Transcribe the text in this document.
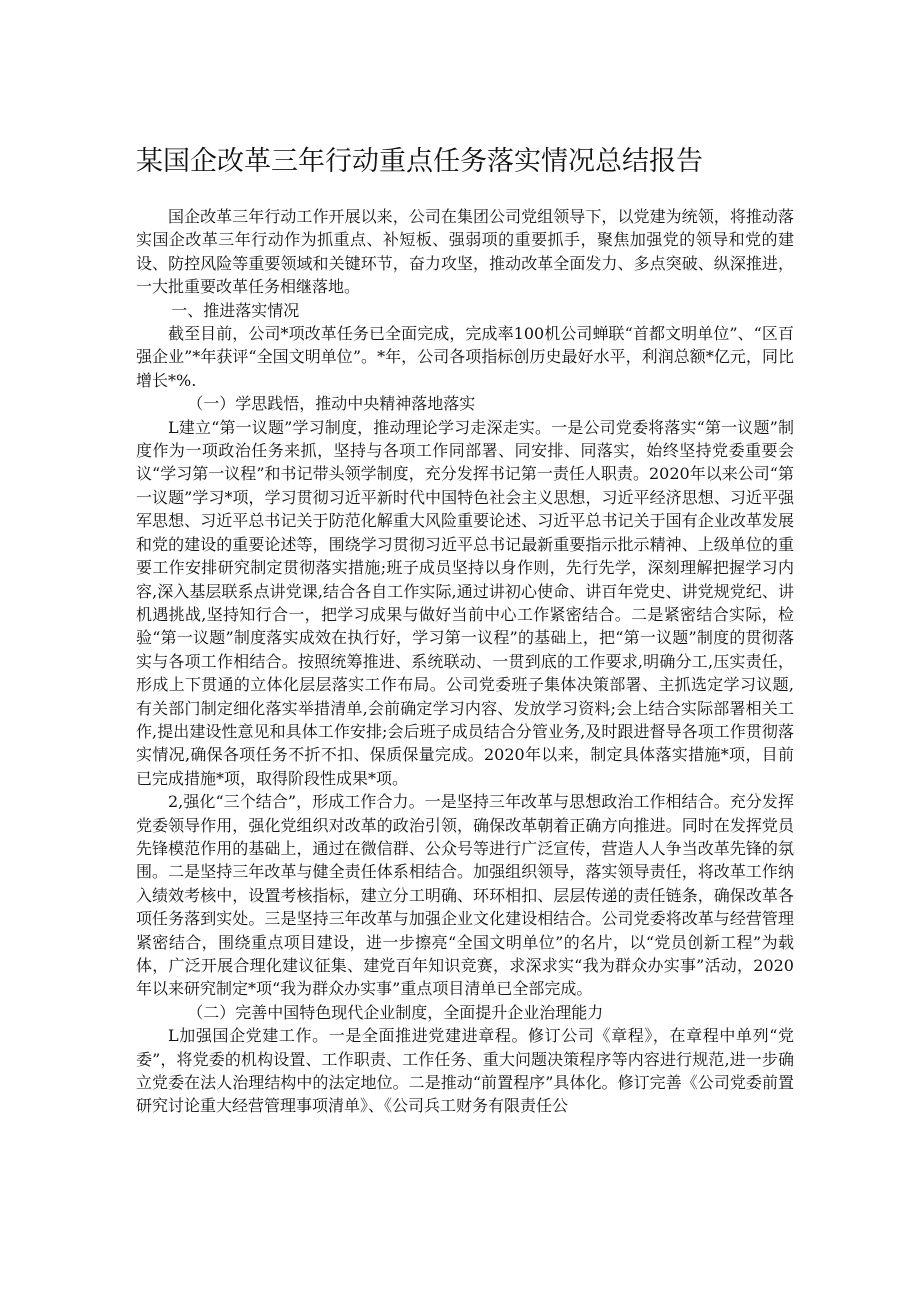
某国企改革三年行动重点任务落实情况总结报告

国企改革三年行动工作开展以来，公司在集团公司党组领导下，以党建为统领，将推动落实国企改革三年行动作为抓重点、补短板、强弱项的重要抓手，聚焦加强党的领导和党的建设、防控风险等重要领域和关键环节，奋力攻坚，推动改革全面发力、多点突破、纵深推进，一大批重要改革任务相继落地。

一、推进落实情况

截至目前，公司*项改革任务已全面完成，完成率100机公司蝉联“首都文明单位”、“区百强企业”*年获评“全国文明单位”。*年，公司各项指标创历史最好水平，利润总额*亿元，同比增长*%.

（一）学思践悟，推动中央精神落地落实

L建立“第一议题”学习制度，推动理论学习走深走实。一是公司党委将落实“第一议题”制度作为一项政治任务来抓，坚持与各项工作同部署、同安排、同落实，始终坚持党委重要会议“学习第一议程”和书记带头领学制度，充分发挥书记第一责任人职责。2020年以来公司“第一议题”学习*项，学习贯彻习近平新时代中国特色社会主义思想，习近平经济思想、习近平强军思想、习近平总书记关于防范化解重大风险重要论述、习近平总书记关于国有企业改革发展和党的建设的重要论述等，围绕学习贯彻习近平总书记最新重要指示批示精神、上级单位的重要工作安排研究制定贯彻落实措施;班子成员坚持以身作则，先行先学，深刻理解把握学习内容,深入基层联系点讲党课,结合各自工作实际,通过讲初心使命、讲百年党史、讲党规党纪、讲机遇挑战,坚持知行合一，把学习成果与做好当前中心工作紧密结合。二是紧密结合实际，检验“第一议题”制度落实成效在执行好，学习第一议程”的基础上，把“第一议题”制度的贯彻落实与各项工作相结合。按照统筹推进、系统联动、一贯到底的工作要求,明确分工,压实责任，形成上下贯通的立体化层层落实工作布局。公司党委班子集体决策部署、主抓选定学习议题,有关部门制定细化落实举措清单,会前确定学习内容、发放学习资料;会上结合实际部署相关工作,提出建设性意见和具体工作安排;会后班子成员结合分管业务,及时跟进督导各项工作贯彻落实情况,确保各项任务不折不扣、保质保量完成。2020年以来，制定具体落实措施*项，目前已完成措施*项，取得阶段性成果*项。

2,强化“三个结合”，形成工作合力。一是坚持三年改革与思想政治工作相结合。充分发挥党委领导作用，强化党组织对改革的政治引领，确保改革朝着正确方向推进。同时在发挥党员先锋模范作用的基础上，通过在微信群、公众号等进行广泛宣传，营造人人争当改革先锋的氛围。二是坚持三年改革与健全责任体系相结合。加强组织领导，落实领导责任，将改革工作纳入绩效考核中，设置考核指标，建立分工明确、环环相扣、层层传递的责任链条，确保改革各项任务落到实处。三是坚持三年改革与加强企业文化建设相结合。公司党委将改革与经营管理紧密结合，围绕重点项目建设，进一步擦亮“全国文明单位”的名片，以“党员创新工程”为载体，广泛开展合理化建议征集、建党百年知识竞赛，求深求实“我为群众办实事”活动，2020年以来研究制定*项“我为群众办实事”重点项目清单已全部完成。

（二）完善中国特色现代企业制度，全面提升企业治理能力

L加强国企党建工作。一是全面推进党建进章程。修订公司《章程》，在章程中单列“党委”，将党委的机构设置、工作职责、工作任务、重大问题决策程序等内容进行规范,进一步确立党委在法人治理结构中的法定地位。二是推动“前置程序”具体化。修订完善《公司党委前置研究讨论重大经营管理事项清单》、《公司兵工财务有限责任公
